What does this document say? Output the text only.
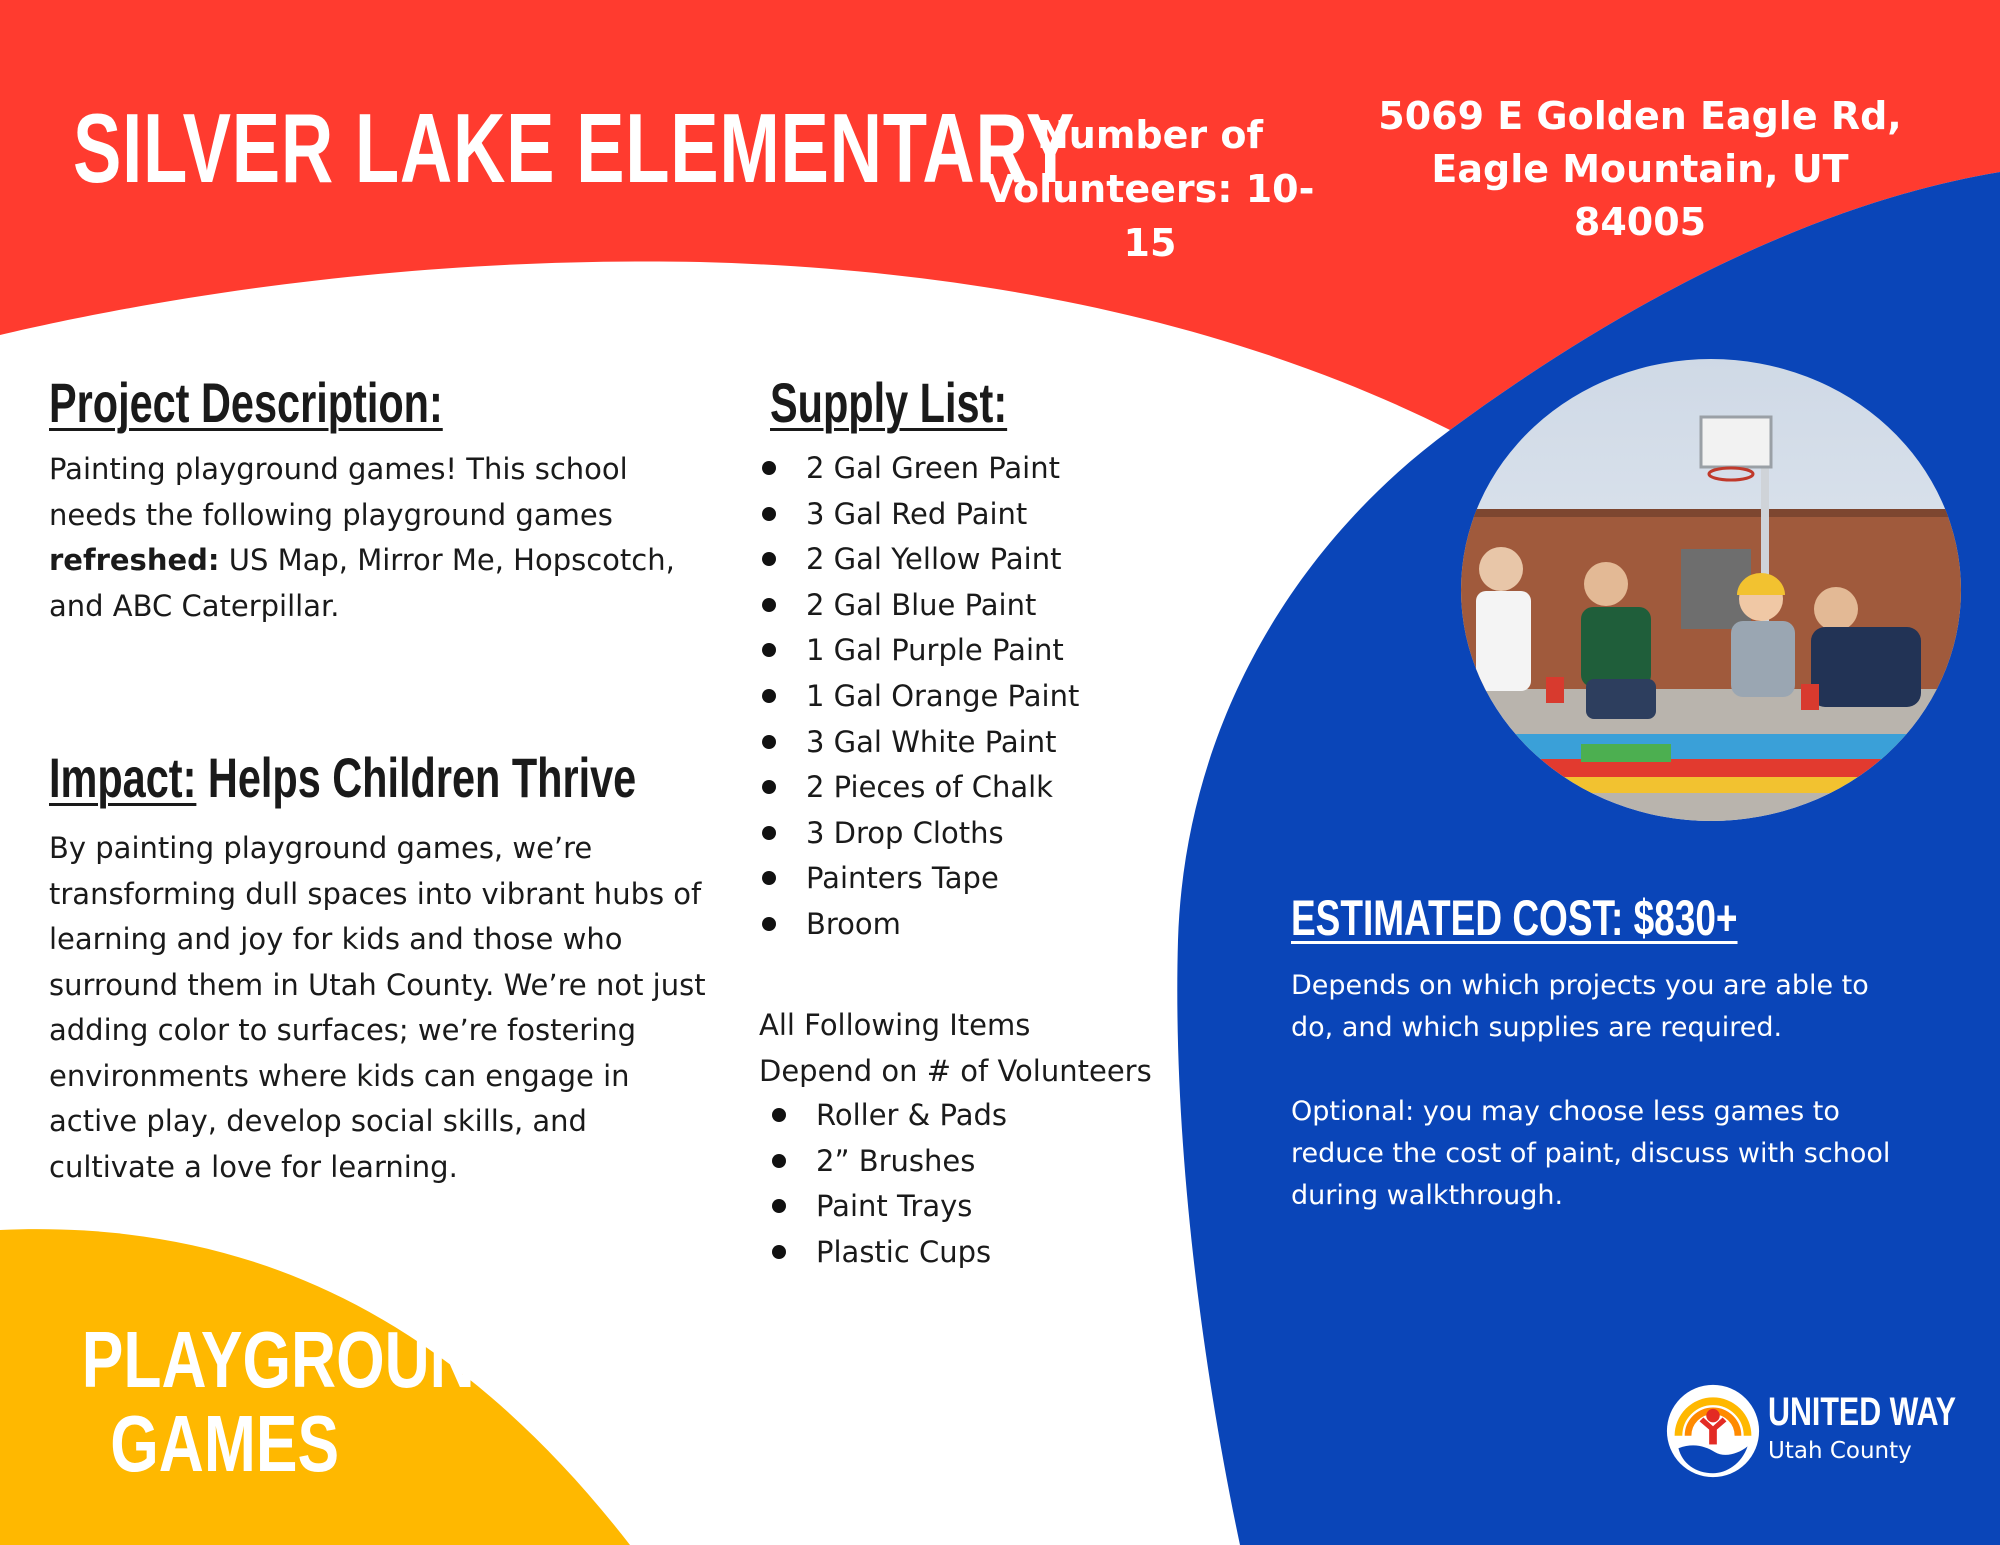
SILVER LAKE ELEMENTARY
Number of
Volunteers: 10-15
5069 E Golden Eagle Rd,
Eagle Mountain, UT
84005
Project Description:
Painting playground games! This school needs the following playground games refreshed: US Map, Mirror Me, Hopscotch, and ABC Caterpillar.
Impact: Helps Children Thrive
By painting playground games, we’re transforming dull spaces into vibrant hubs of learning and joy for kids and those who surround them in Utah County. We’re not just adding color to surfaces; we’re fostering environments where kids can engage in active play, develop social skills, and cultivate a love for learning.
Supply List:
2 Gal Green Paint
3 Gal Red Paint
2 Gal Yellow Paint
2 Gal Blue Paint
1 Gal Purple Paint
1 Gal Orange Paint
3 Gal White Paint
2 Pieces of Chalk
3 Drop Cloths
Painters Tape
Broom
All Following Items
Depend on # of Volunteers
Roller & Pads
2” Brushes
Paint Trays
Plastic Cups
ESTIMATED COST: $830+

Depends on which projects you are able to do, and which supplies are required.

Optional: you may choose less games to reduce the cost of paint, discuss with school during walkthrough.

PLAYGROUND
GAMES	UNITED WAY
Utah County
